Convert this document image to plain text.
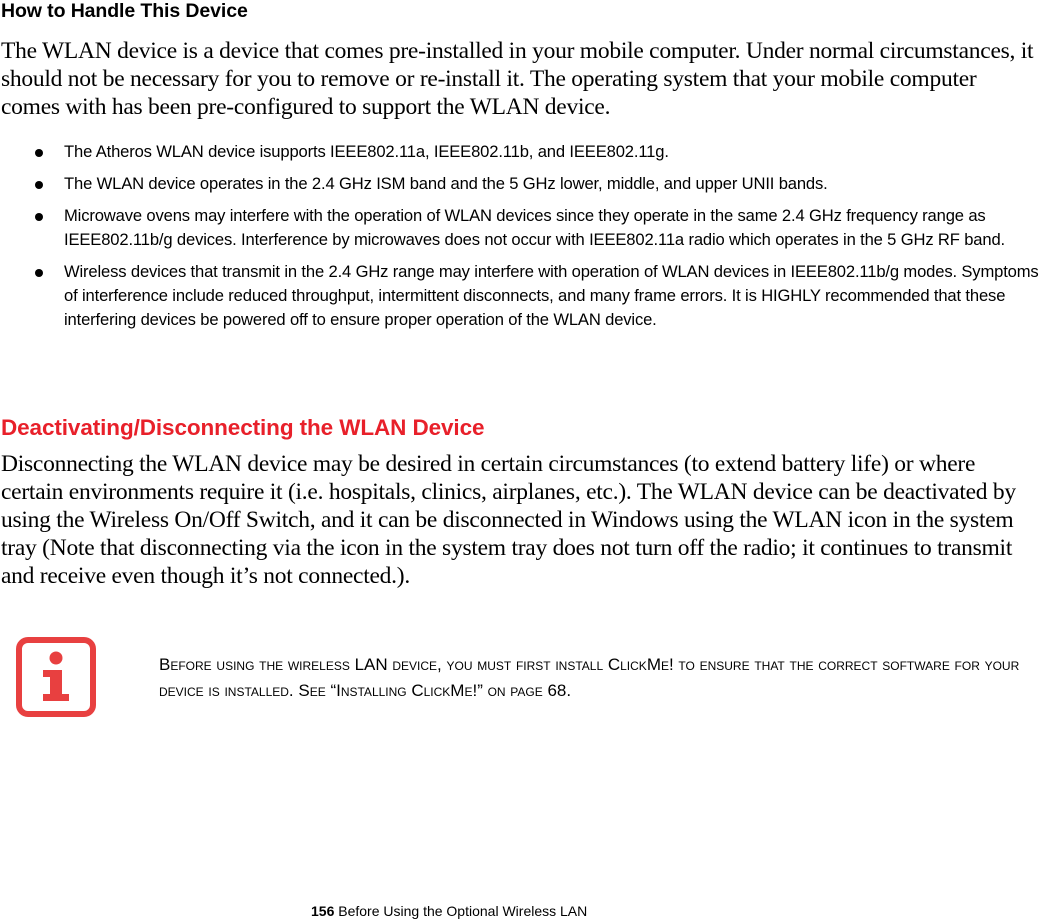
How to Handle This Device

The WLAN device is a device that comes pre-installed in your mobile computer. Under normal circumstances, it should not be necessary for you to remove or re-install it. The operating system that your mobile computer comes with has been pre-configured to support the WLAN device.

The Atheros WLAN device isupports IEEE802.11a, IEEE802.11b, and IEEE802.11g.
The WLAN device operates in the 2.4 GHz ISM band and the 5 GHz lower, middle, and upper UNII bands.
Microwave ovens may interfere with the operation of WLAN devices since they operate in the same 2.4 GHz frequency range as IEEE802.11b/g devices. Interference by microwaves does not occur with IEEE802.11a radio which operates in the 5 GHz RF band.
Wireless devices that transmit in the 2.4 GHz range may interfere with operation of WLAN devices in IEEE802.11b/g modes. Symptoms of interference include reduced throughput, intermittent disconnects, and many frame errors. It is HIGHLY recommended that these interfering devices be powered off to ensure proper operation of the WLAN device.
Deactivating/Disconnecting the WLAN Device

Disconnecting the WLAN device may be desired in certain circumstances (to extend battery life) or where certain environments require it (i.e. hospitals, clinics, airplanes, etc.). The WLAN device can be deactivated by using the Wireless On/Off Switch, and it can be disconnected in Windows using the WLAN icon in the system tray (Note that disconnecting via the icon in the system tray does not turn off the radio; it continues to transmit and receive even though it’s not connected.).

Before using the wireless LAN device, you must first install ClickMe! to ensure that the correct software for your device is installed. See “Installing ClickMe!” on page 68.

156 Before Using the Optional Wireless LAN
